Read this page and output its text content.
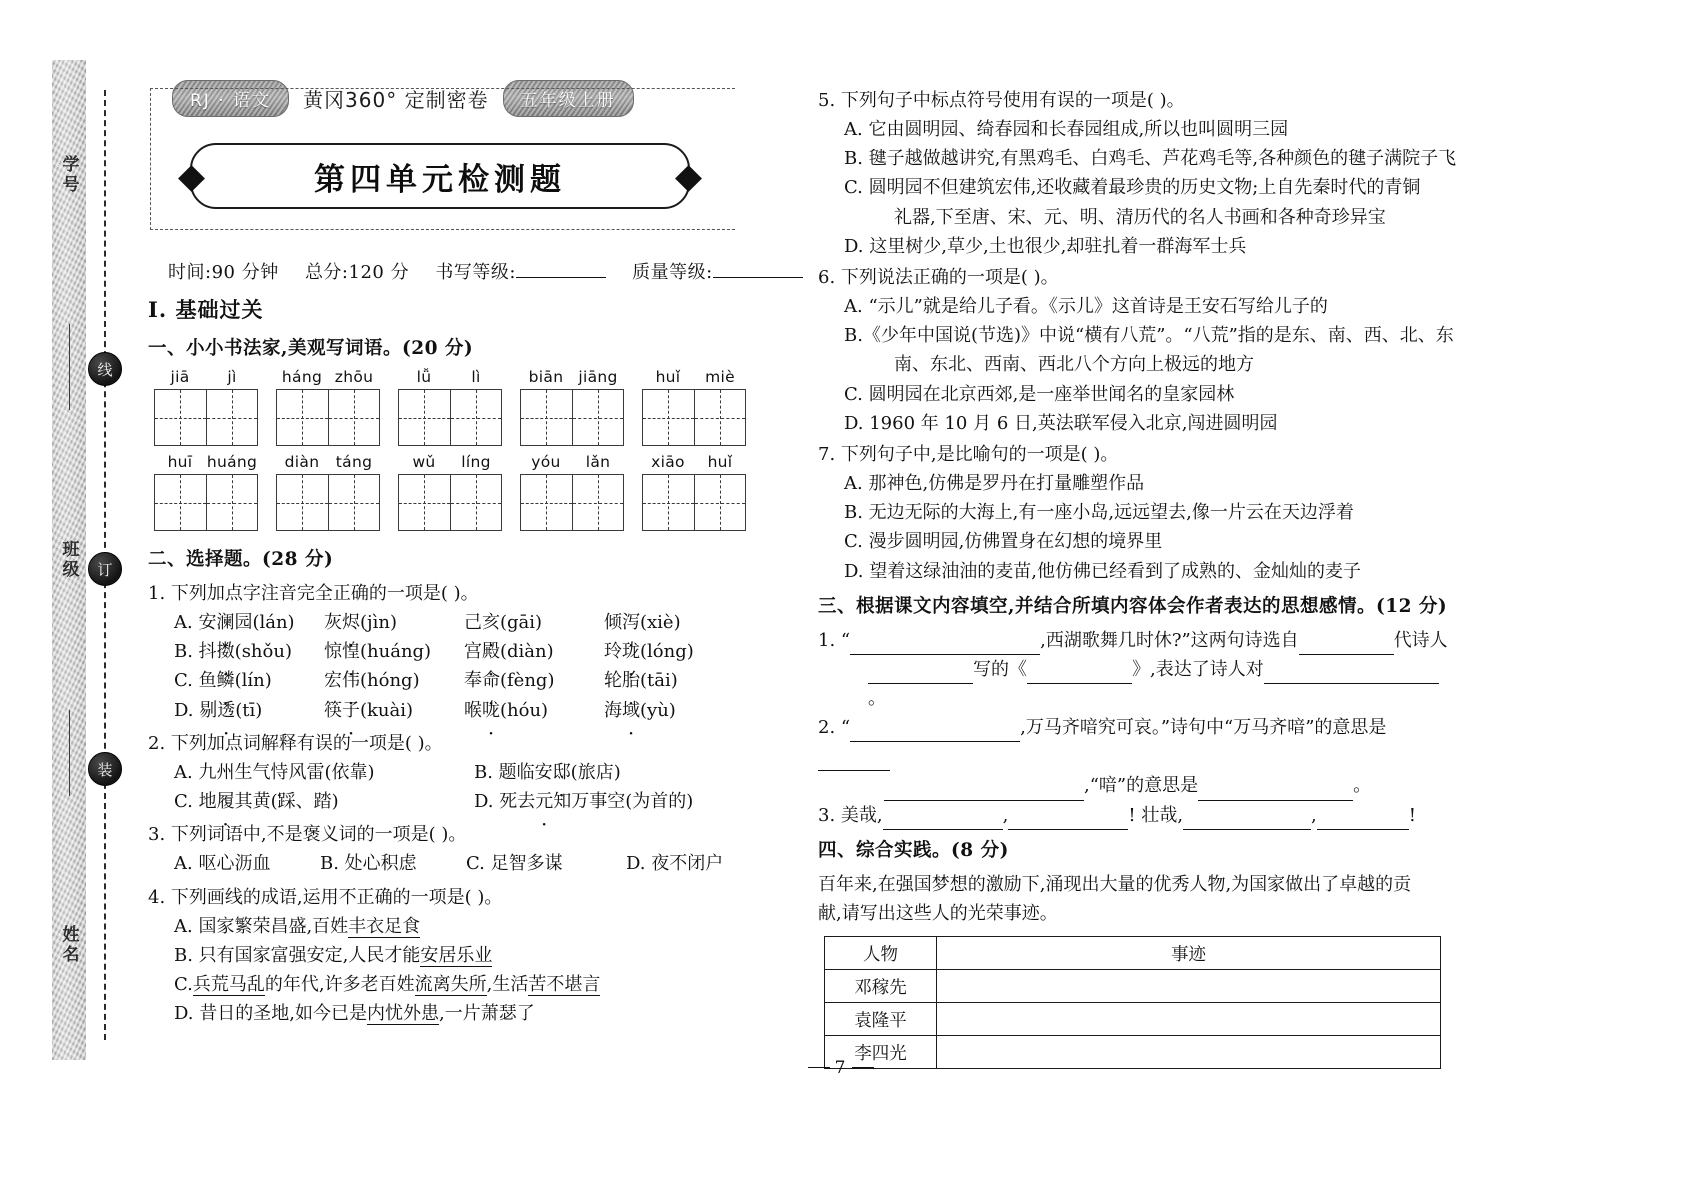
学号
班级
姓名
线
订
装
RJ · 语文	黄冈360° 定制密卷	五年级上册
第四单元检测题
时间:90 分钟 总分:120 分 书写等级:	质量等级:
Ⅰ. 基础过关
一、小小书法家,美观写词语。(20 分)
jiā	jì	háng zhōu	lǚ	lì	biān jiāng	huǐ	miè
huī huáng	diàn	táng	wǔ	líng	yóu	lǎn	xiāo	huǐ
二、选择题。(28 分)
1. 下列加点字注音完全正确的一项是( )。
A. 安澜园(lán)	灰烬(jìn)	己亥(gāi)	倾泻(xiè)
B. 抖擞(shǒu)	惊惶(huáng)	宫殿(diàn)	玲珑(lóng)
C. 鱼鳞(lín)	宏伟(hóng)	奉命(fèng)	轮胎(tāi)
D. 剔透(tī)	筷子(kuài)	喉咙(hóu)	海域(yù)
2. 下列加点词解释有误的一项是( )。
A. 九州生气恃风雷(依靠)	B. 题临安邸(旅店)
C. 地履其黄(踩、踏)	D. 死去元知万事空(为首的)
3. 下列词语中,不是褒义词的一项是( )。
A. 呕心沥血	B. 处心积虑	C. 足智多谋	D. 夜不闭户
4. 下列画线的成语,运用不正确的一项是( )。
A. 国家繁荣昌盛,百姓丰衣足食
B. 只有国家富强安定,人民才能安居乐业
C.兵荒马乱的年代,许多老百姓流离失所,生活苦不堪言
D. 昔日的圣地,如今已是内忧外患,一片萧瑟了
5. 下列句子中标点符号使用有误的一项是( )。
A. 它由圆明园、绮春园和长春园组成,所以也叫圆明三园
B. 毽子越做越讲究,有黑鸡毛、白鸡毛、芦花鸡毛等,各种颜色的毽子满院子飞
C. 圆明园不但建筑宏伟,还收藏着最珍贵的历史文物;上自先秦时代的青铜
礼器,下至唐、宋、元、明、清历代的名人书画和各种奇珍异宝
D. 这里树少,草少,土也很少,却驻扎着一群海军士兵
6. 下列说法正确的一项是( )。
A. “示儿”就是给儿子看。《示儿》这首诗是王安石写给儿子的
B.《少年中国说(节选)》中说“横有八荒”。“八荒”指的是东、南、西、北、东
南、东北、西南、西北八个方向上极远的地方
C. 圆明园在北京西郊,是一座举世闻名的皇家园林
D. 1960 年 10 月 6 日,英法联军侵入北京,闯进圆明园
7. 下列句子中,是比喻句的一项是( )。
A. 那神色,仿佛是罗丹在打量雕塑作品
B. 无边无际的大海上,有一座小岛,远远望去,像一片云在天边浮着
C. 漫步圆明园,仿佛置身在幻想的境界里
D. 望着这绿油油的麦苗,他仿佛已经看到了成熟的、金灿灿的麦子
三、根据课文内容填空,并结合所填内容体会作者表达的思想感情。(12 分)
1. “	,西湖歌舞几时休?”这两句诗选自	代诗人
写的《	》,表达了诗人对。
2. “	,万马齐喑究可哀。”诗句中“万马齐喑”的意思是
,“喑”的意思是	。
3. 美哉,	,	! 壮哉,	,	!
四、综合实践。(8 分)
百年来,在强国梦想的激励下,涌现出大量的优秀人物,为国家做出了卓越的贡
献,请写出这些人的光荣事迹。
人物	事迹
邓稼先	
袁隆平	
李四光	
7
